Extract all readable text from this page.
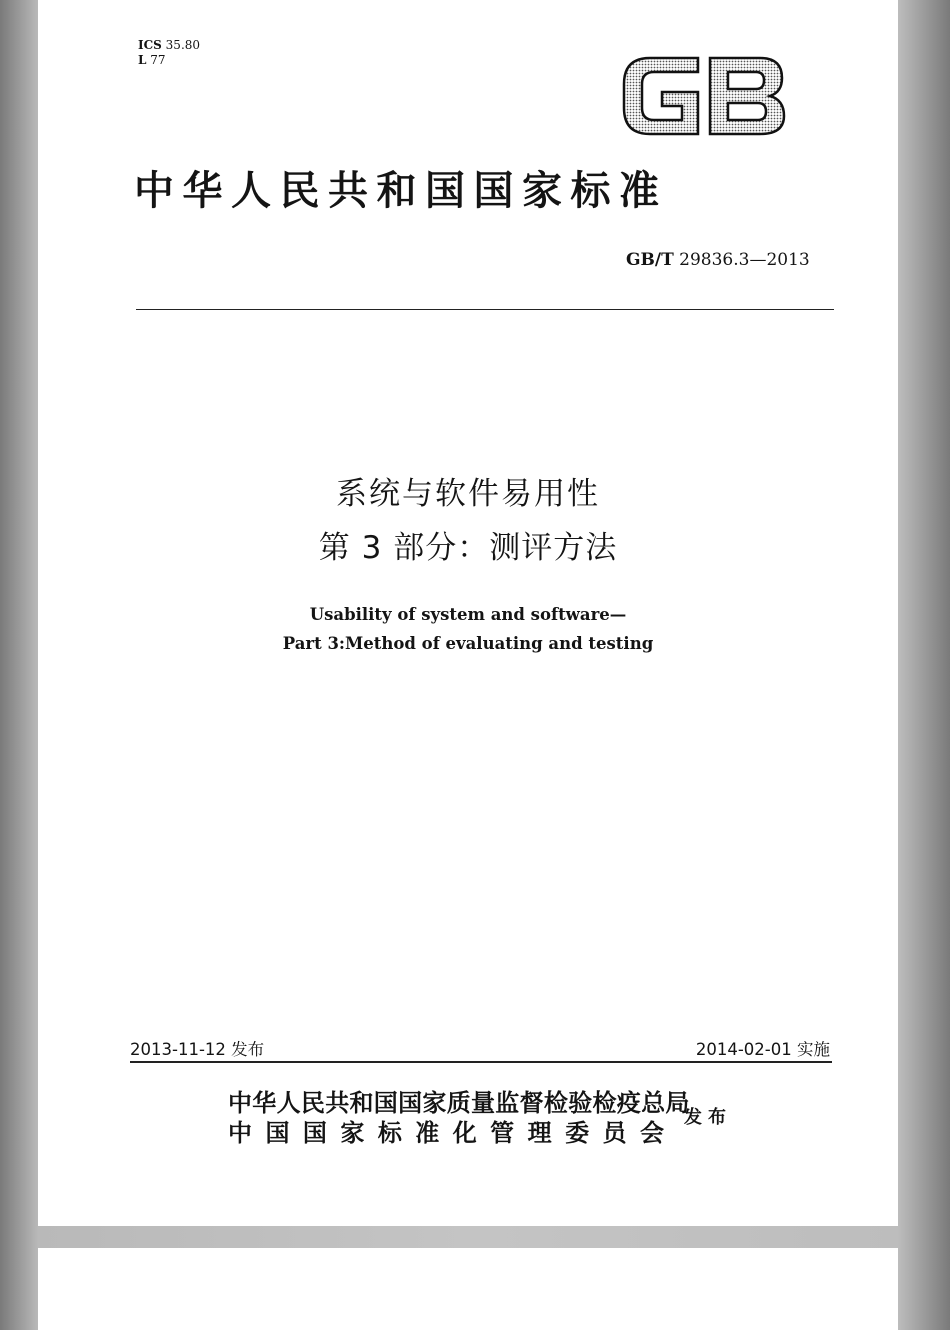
ICS 35.80
L 77
中华人民共和国国家标准
GB/T 29836.3—2013
系统与软件易用性
第 3 部分：测评方法
Usability of system and software—
Part 3:Method of evaluating and testing
2013-11-12 发布	2014-02-01 实施
中华人民共和国国家质量监督检验检疫总局
中 国 国 家 标 准 化 管 理 委 员 会
发布
